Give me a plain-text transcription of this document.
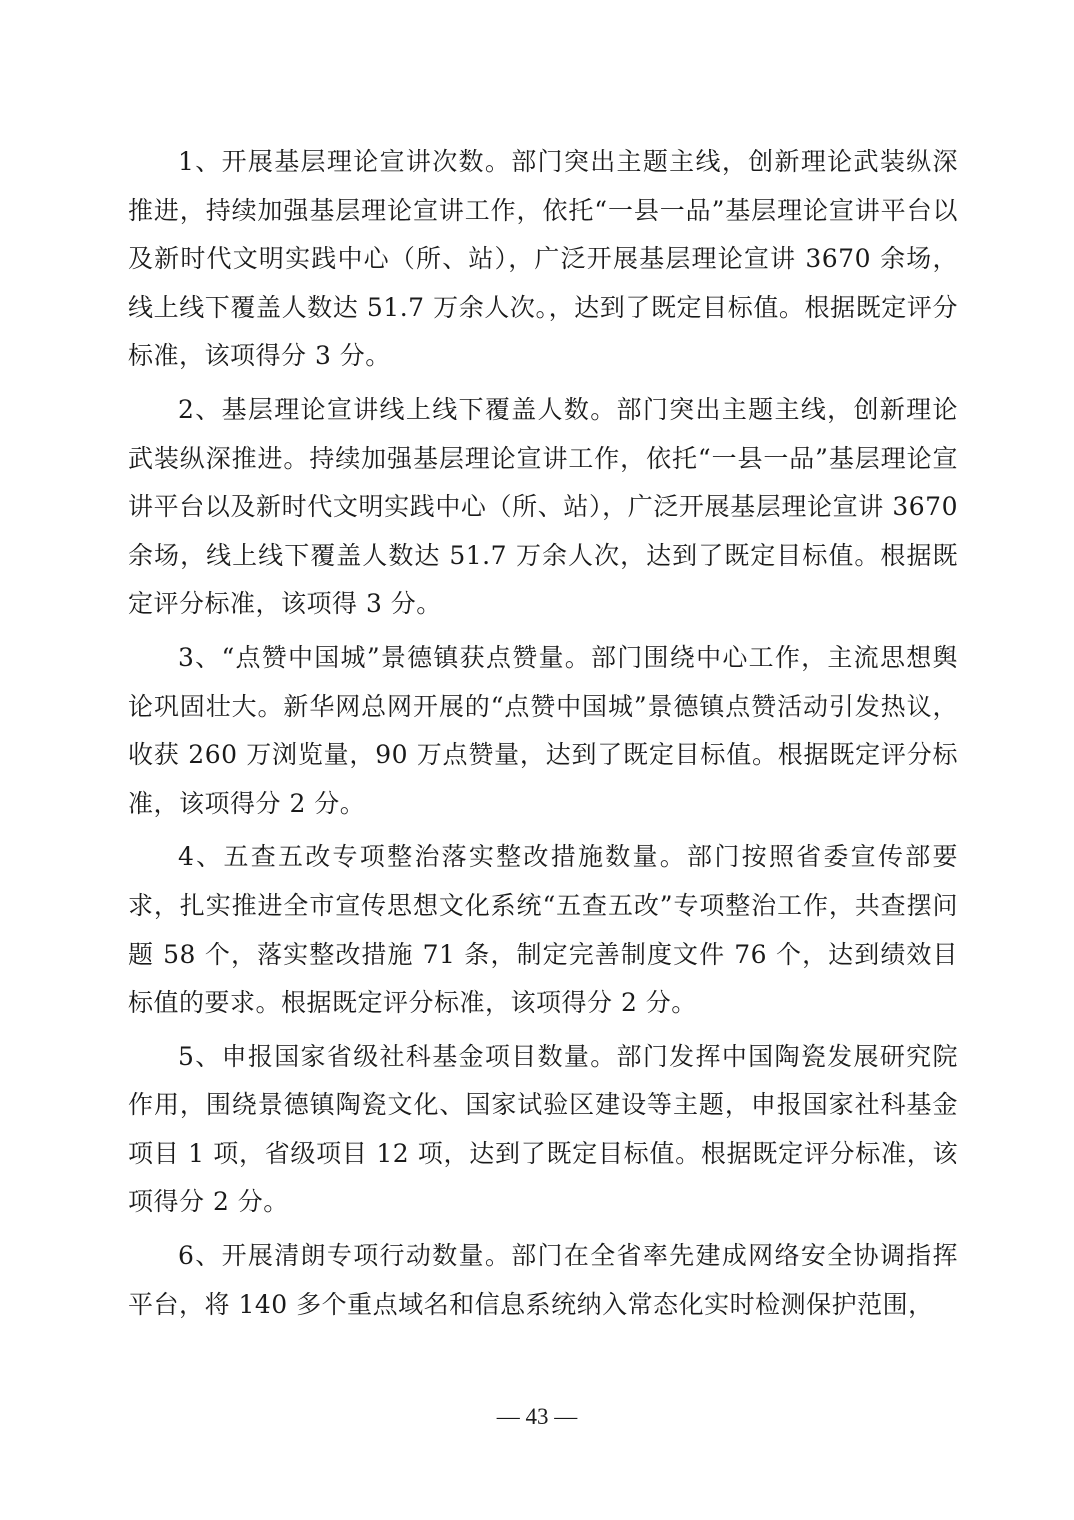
1、开展基层理论宣讲次数。部门突出主题主线，创新理论武装纵深推进，持续加强基层理论宣讲工作，依托“一县一品”基层理论宣讲平台以及新时代文明实践中心（所、站），广泛开展基层理论宣讲 3670 余场，线上线下覆盖人数达 51.7 万余人次。，达到了既定目标值。根据既定评分标准，该项得分 3 分。

2、基层理论宣讲线上线下覆盖人数。部门突出主题主线，创新理论武装纵深推进。持续加强基层理论宣讲工作，依托“一县一品”基层理论宣讲平台以及新时代文明实践中心（所、站），广泛开展基层理论宣讲 3670 余场，线上线下覆盖人数达 51.7 万余人次，达到了既定目标值。根据既定评分标准，该项得 3 分。

3、“点赞中国城”景德镇获点赞量。部门围绕中心工作，主流思想舆论巩固壮大。新华网总网开展的“点赞中国城”景德镇点赞活动引发热议，收获 260 万浏览量，90 万点赞量，达到了既定目标值。根据既定评分标准，该项得分 2 分。

4、五查五改专项整治落实整改措施数量。部门按照省委宣传部要求，扎实推进全市宣传思想文化系统“五查五改”专项整治工作，共查摆问题 58 个，落实整改措施 71 条，制定完善制度文件 76 个，达到绩效目标值的要求。根据既定评分标准，该项得分 2 分。

5、申报国家省级社科基金项目数量。部门发挥中国陶瓷发展研究院作用，围绕景德镇陶瓷文化、国家试验区建设等主题，申报国家社科基金项目 1 项，省级项目 12 项，达到了既定目标值。根据既定评分标准，该项得分 2 分。

6、开展清朗专项行动数量。部门在全省率先建成网络安全协调指挥平台，将 140 多个重点域名和信息系统纳入常态化实时检测保护范围，

— 43 —
